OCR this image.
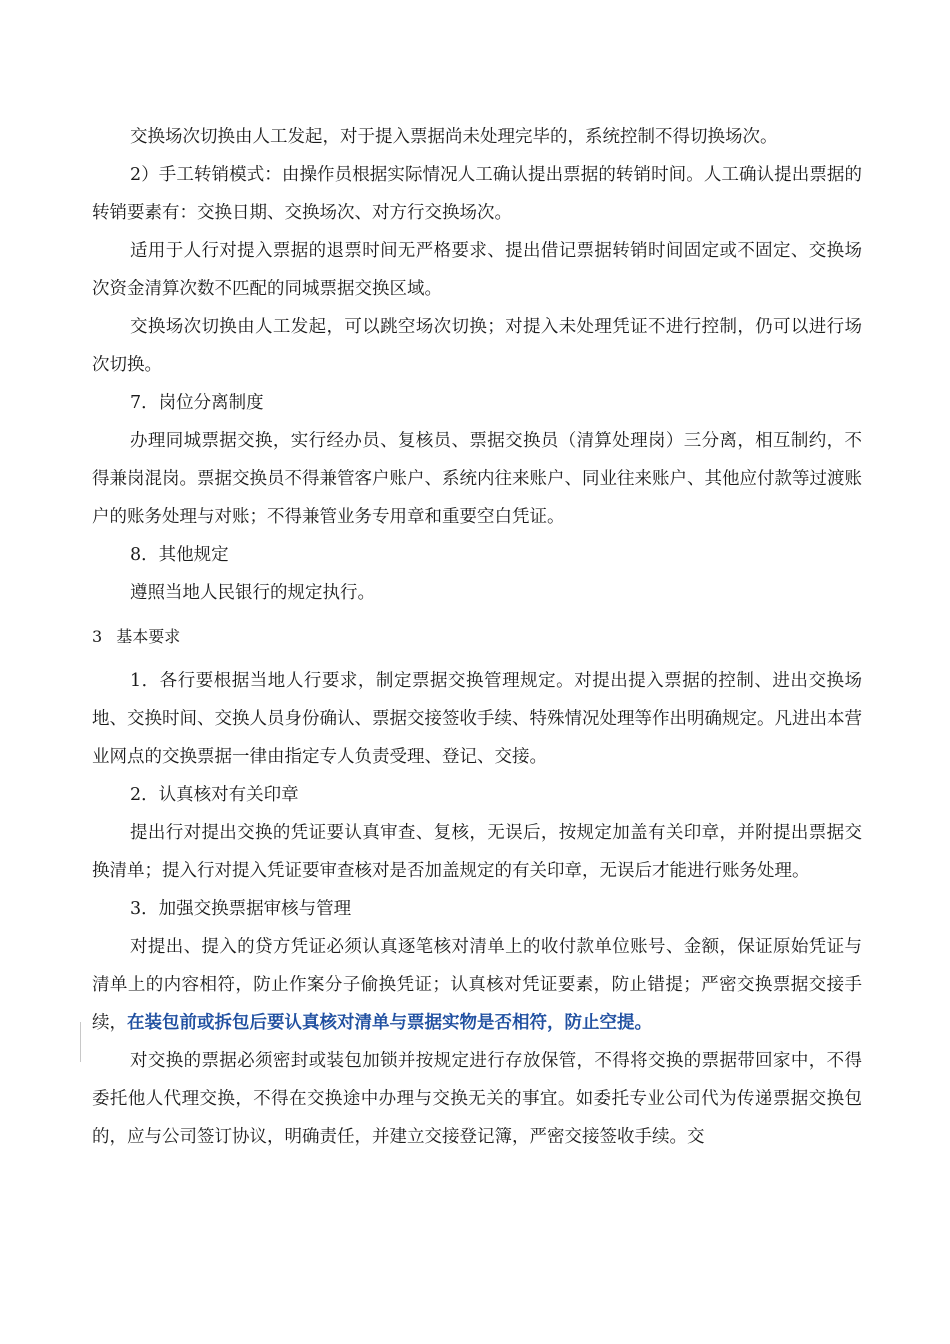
交换场次切换由人工发起，对于提入票据尚未处理完毕的，系统控制不得切换场次。

2）手工转销模式：由操作员根据实际情况人工确认提出票据的转销时间。人工确认提出票据的转销要素有：交换日期、交换场次、对方行交换场次。

适用于人行对提入票据的退票时间无严格要求、提出借记票据转销时间固定或不固定、交换场次资金清算次数不匹配的同城票据交换区域。

交换场次切换由人工发起，可以跳空场次切换；对提入未处理凭证不进行控制，仍可以进行场次切换。

7．岗位分离制度

办理同城票据交换，实行经办员、复核员、票据交换员（清算处理岗）三分离，相互制约，不得兼岗混岗。票据交换员不得兼管客户账户、系统内往来账户、同业往来账户、其他应付款等过渡账户的账务处理与对账；不得兼管业务专用章和重要空白凭证。

8．其他规定

遵照当地人民银行的规定执行。

3 基本要求

1．各行要根据当地人行要求，制定票据交换管理规定。对提出提入票据的控制、进出交换场地、交换时间、交换人员身份确认、票据交接签收手续、特殊情况处理等作出明确规定。凡进出本营业网点的交换票据一律由指定专人负责受理、登记、交接。

2．认真核对有关印章

提出行对提出交换的凭证要认真审查、复核，无误后，按规定加盖有关印章，并附提出票据交换清单；提入行对提入凭证要审查核对是否加盖规定的有关印章，无误后才能进行账务处理。

3．加强交换票据审核与管理

对提出、提入的贷方凭证必须认真逐笔核对清单上的收付款单位账号、金额，保证原始凭证与清单上的内容相符，防止作案分子偷换凭证；认真核对凭证要素，防止错提；严密交换票据交接手续，在装包前或拆包后要认真核对清单与票据实物是否相符，防止空提。

对交换的票据必须密封或装包加锁并按规定进行存放保管，不得将交换的票据带回家中，不得委托他人代理交换，不得在交换途中办理与交换无关的事宜。如委托专业公司代为传递票据交换包的，应与公司签订协议，明确责任，并建立交接登记簿，严密交接签收手续。交
